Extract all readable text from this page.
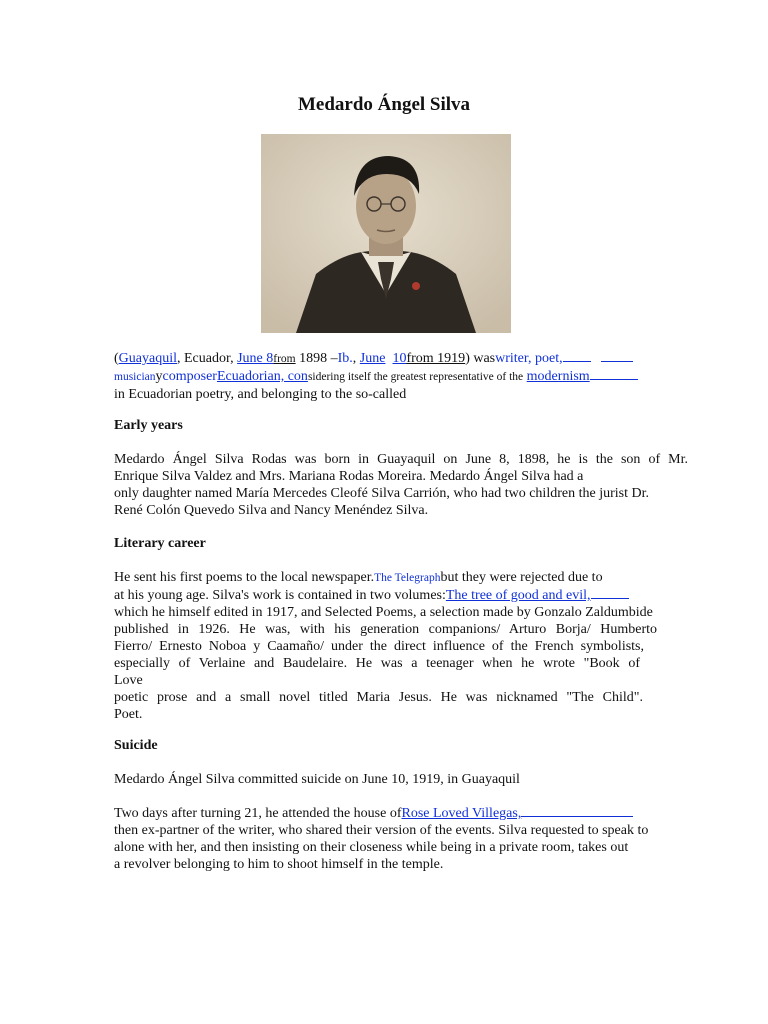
Medardo Ángel Silva
(Guayaquil, Ecuador, June 8from 1898 –Ib., June 10from 1919) waswriter, poet,
musicianycomposerEcuadorian, considering itself the greatest representative of the modernism
in Ecuadorian poetry, and belonging to the so-called
Early years
Medardo Ángel Silva Rodas was born in Guayaquil on June 8, 1898, he is the son of Mr.
Enrique Silva Valdez and Mrs. Mariana Rodas Moreira. Medardo Ángel Silva had a
only daughter named María Mercedes Cleofé Silva Carrión, who had two children the jurist Dr.
René Colón Quevedo Silva and Nancy Menéndez Silva.
Literary career
He sent his first poems to the local newspaper.The Telegraphbut they were rejected due to
at his young age. Silva's work is contained in two volumes:The tree of good and evil,
which he himself edited in 1917, and Selected Poems, a selection made by Gonzalo Zaldumbide
published in 1926. He was, with his generation companions/ Arturo Borja/ Humberto
Fierro/ Ernesto Noboa y Caamaño/ under the direct influence of the French symbolists,
especially of Verlaine and Baudelaire. He was a teenager when he wrote "Book of
Love
poetic prose and a small novel titled Maria Jesus. He was nicknamed "The Child".
Poet.
Suicide
Medardo Ángel Silva committed suicide on June 10, 1919, in Guayaquil
Two days after turning 21, he attended the house ofRose Loved Villegas,
then ex-partner of the writer, who shared their version of the events. Silva requested to speak to
alone with her, and then insisting on their closeness while being in a private room, takes out
a revolver belonging to him to shoot himself in the temple.
